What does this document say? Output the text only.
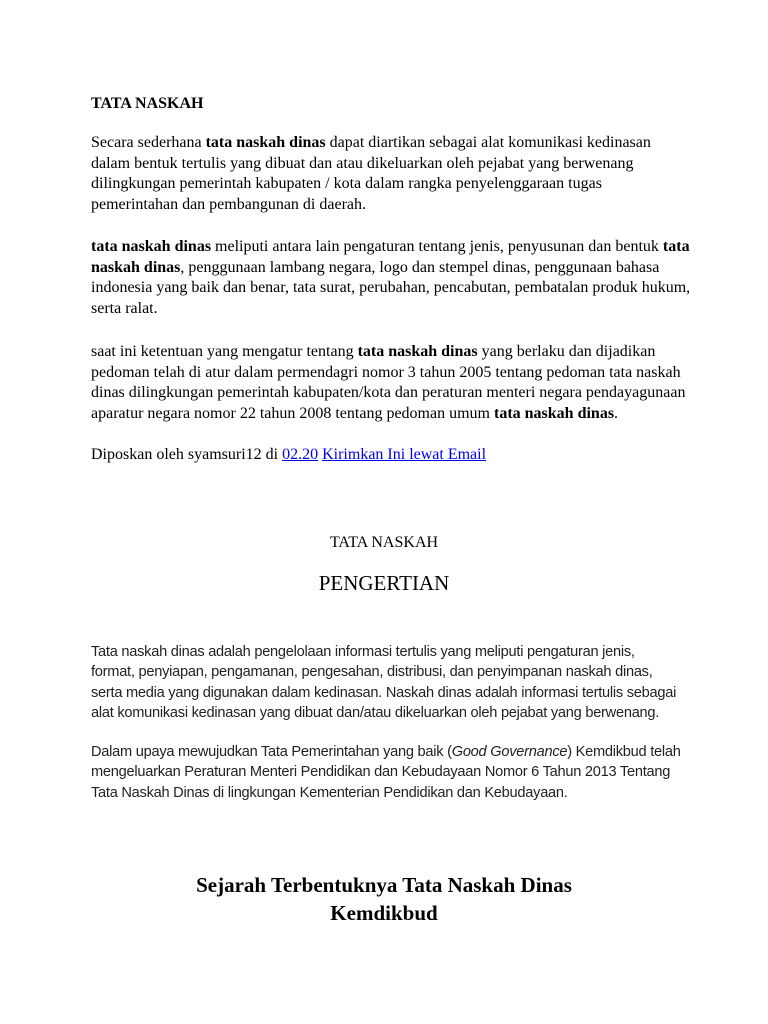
TATA NASKAH

Secara sederhana tata naskah dinas dapat diartikan sebagai alat komunikasi kedinasan dalam bentuk tertulis yang dibuat dan atau dikeluarkan oleh pejabat yang berwenang dilingkungan pemerintah kabupaten / kota dalam rangka penyelenggaraan tugas pemerintahan dan pembangunan di daerah.

tata naskah dinas meliputi antara lain pengaturan tentang jenis, penyusunan dan bentuk tata naskah dinas, penggunaan lambang negara, logo dan stempel dinas, penggunaan bahasa indonesia yang baik dan benar, tata surat, perubahan, pencabutan, pembatalan produk hukum, serta ralat.

saat ini ketentuan yang mengatur tentang tata naskah dinas yang berlaku dan dijadikan pedoman telah di atur dalam permendagri nomor 3 tahun 2005 tentang pedoman tata naskah dinas dilingkungan pemerintah kabupaten/kota dan peraturan menteri negara pendayagunaan aparatur negara nomor 22 tahun 2008 tentang pedoman umum tata naskah dinas.

Diposkan oleh syamsuri12 di 02.20 Kirimkan Ini lewat Email

TATA NASKAH
PENGERTIAN

Tata naskah dinas adalah pengelolaan informasi tertulis yang meliputi pengaturan jenis, format, penyiapan, pengamanan, pengesahan, distribusi, dan penyimpanan naskah dinas, serta media yang digunakan dalam kedinasan. Naskah dinas adalah informasi tertulis sebagai alat komunikasi kedinasan yang dibuat dan/atau dikeluarkan oleh pejabat yang berwenang.

Dalam upaya mewujudkan Tata Pemerintahan yang baik (Good Governance) Kemdikbud telah mengeluarkan Peraturan Menteri Pendidikan dan Kebudayaan Nomor 6 Tahun 2013 Tentang Tata Naskah Dinas di lingkungan Kementerian Pendidikan dan Kebudayaan.

Sejarah Terbentuknya Tata Naskah Dinas
Kemdikbud
